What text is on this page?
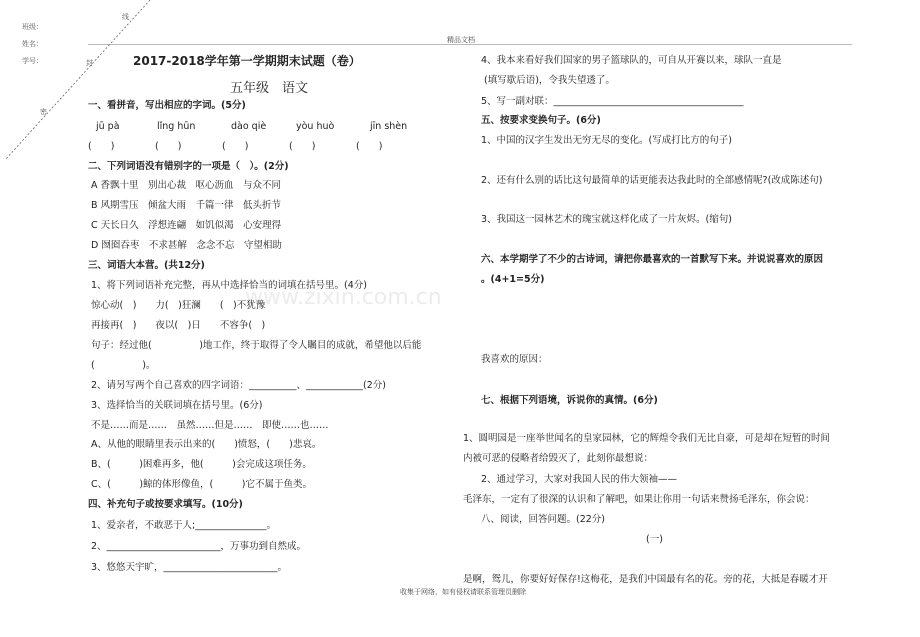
精品文档
班级：
姓名：
学号：
线
封
密
www.zixin.com.cn
2017-2018学年第一学期期末试题（卷）
五年级　语文
一、看拼音，写出相应的字词。(5分)
jū pà	lǐng hūn	dào qiè	yòu huò	jīn shèn
(　　)	(　　)	(　　)	(　　)	(　　)
二、下列词语没有错别字的一项是（　）。(2分)
A 香飘十里　别出心裁　呕心沥血　与众不同
B 风期雪压　倾盆大雨　千篇一律　低头折节
C 天长日久　浮想连翩　如饥似渴　心安理得
D 囫囵吞枣　不求甚解　念念不忘　守望相助
三、词语大本营。(共12分)
1、将下列词语补充完整，再从中选择恰当的词填在括号里。(4分)
惊心动(　)　　力(　)狂澜　　(　)不犹豫
再接再(　)　　夜以(　)日　　不容争(　)
句子：经过他(　　　　　)地工作，终于取得了令人瞩目的成就，希望他以后能
(　　　　　)。
2、请另写两个自己喜欢的四字词语：__________、____________(2分)
3、选择恰当的关联词填在括号里。(6分)
不是……而是……　虽然……但是……　即使……也……
A、从他的眼睛里表示出来的(　　)愤怒，(　　)悲哀。
B、(　　　)困难再多，他(　　　)会完成这项任务。
C、(　　　)鲸的体形像鱼，(　　　)它不属于鱼类。
四、补充句子或按要求填写。(10分)
1、爱亲者，不敢恶于人;_______________。
2、________________________，万事功到自然成。
3、悠悠天宇旷，________________________。
4、我本来看好我们国家的男子篮球队的，可自从开赛以来，球队一直是
(填写歇后语)，令我失望透了。
5、写一副对联：________________________________________
五、按要求变换句子。(6分)
1、中国的汉字生发出无穷无尽的变化。(写成打比方的句子)
2、还有什么别的话比这句最简单的话更能表达我此时的全部感情呢?(改成陈述句)
3、我国这一园林艺术的瑰宝就这样化成了一片灰烬。(缩句)
六、本学期学了不少的古诗词，请把你最喜欢的一首默写下来。并说说喜欢的原因
。(4+1=5分)
我喜欢的原因：
七、根据下列语境，诉说你的真情。(6分)
1、圆明园是一座举世闻名的皇家园林，它的辉煌令我们无比自豪，可是却在短暂的时间
内被可恶的侵略者给毁灭了，此刻你最想说：
2、通过学习，大家对我国人民的伟大领袖——
毛泽东，一定有了很深的认识和了解吧，如果让你用一句话来赞扬毛泽东，你会说：
八、阅读，回答问题。(22分)
(一)
是啊，鸳儿，你要好好保存!这梅花，是我们中国最有名的花。旁的花，大抵是春暖才开
收集于网络，如有侵权请联系管理员删除
